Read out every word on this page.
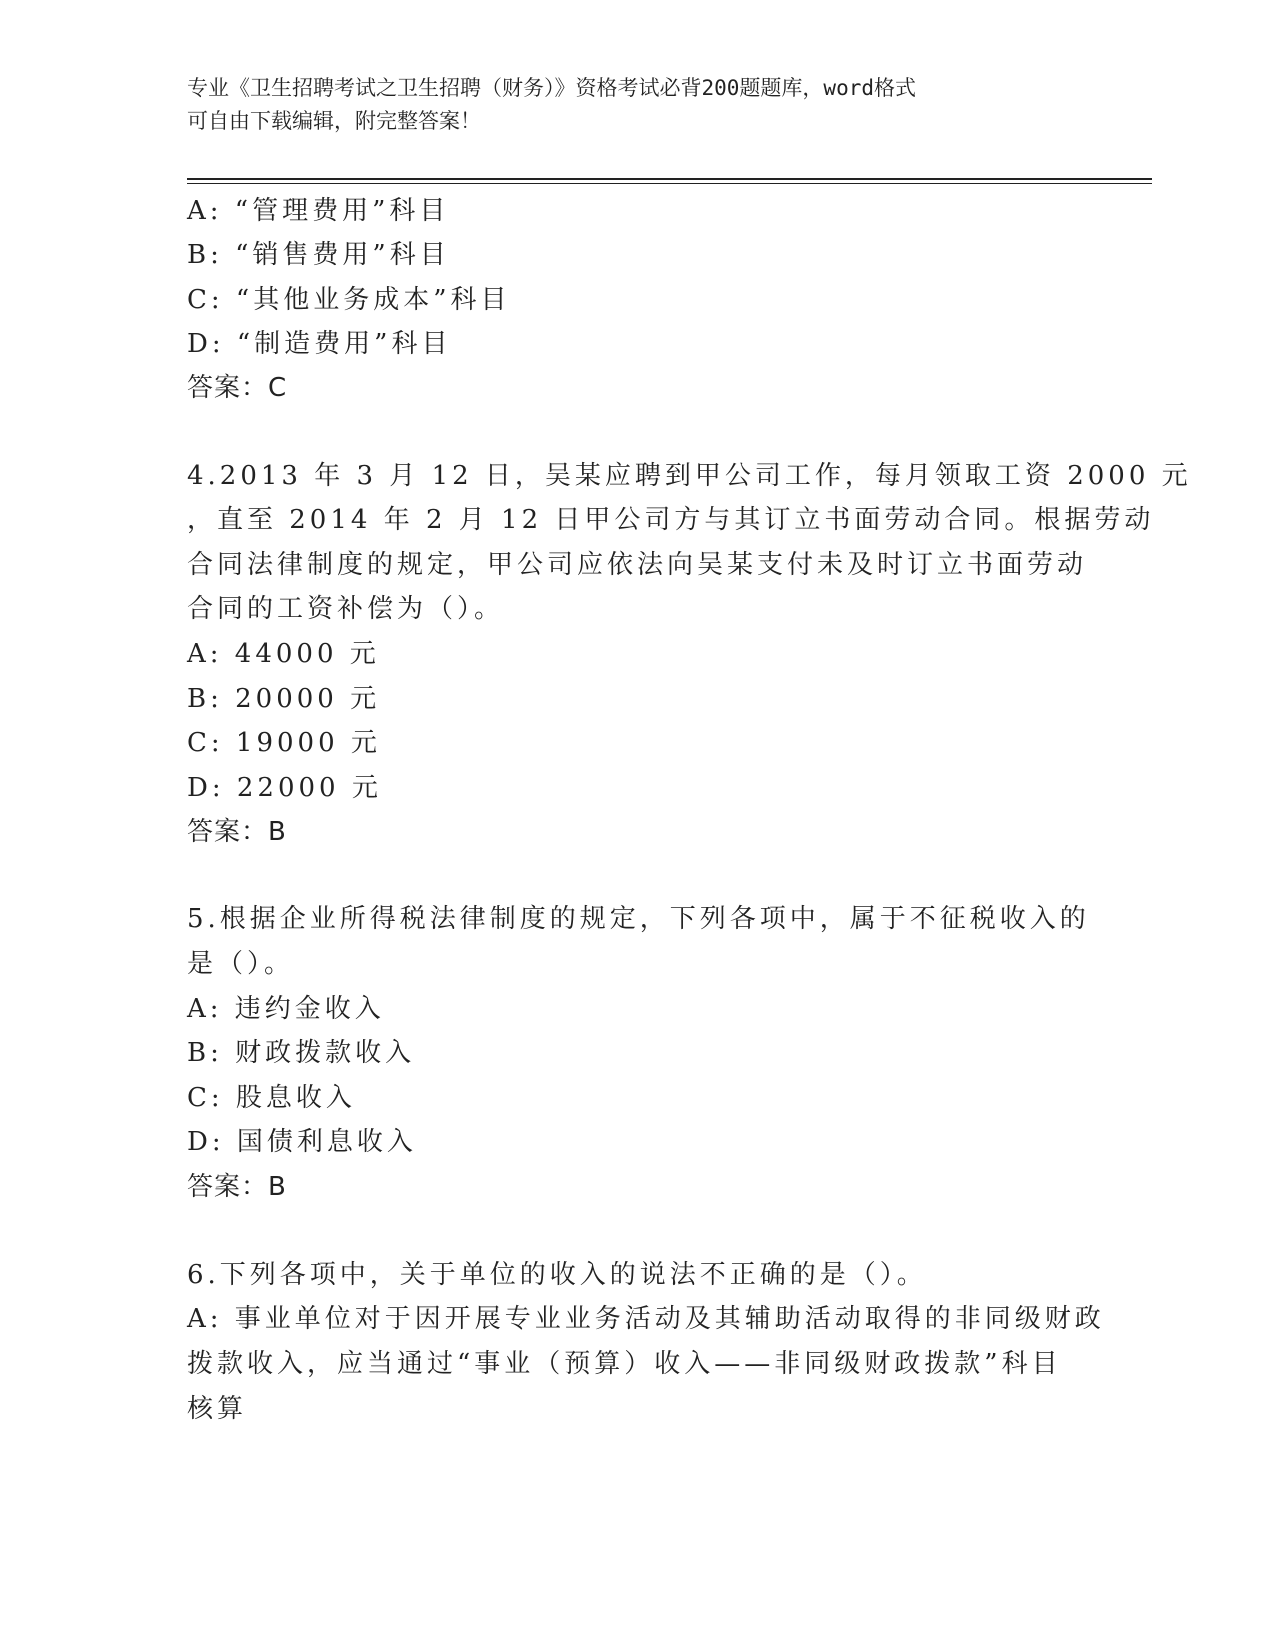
专业《卫生招聘考试之卫生招聘（财务）》资格考试必背200题题库，word格式
可自由下载编辑，附完整答案！
A: “管理费用”科目
B: “销售费用”科目
C: “其他业务成本”科目
D: “制造费用”科目
答案：C
4.2013 年 3 月 12 日，吴某应聘到甲公司工作，每月领取工资 2000 元
，直至 2014 年 2 月 12 日甲公司方与其订立书面劳动合同。根据劳动
合同法律制度的规定，甲公司应依法向吴某支付未及时订立书面劳动
合同的工资补偿为（）。
A: 44000 元
B: 20000 元
C: 19000 元
D: 22000 元
答案：B
5.根据企业所得税法律制度的规定，下列各项中，属于不征税收入的
是（）。
A: 违约金收入
B: 财政拨款收入
C: 股息收入
D: 国债利息收入
答案：B
6.下列各项中，关于单位的收入的说法不正确的是（）。
A: 事业单位对于因开展专业业务活动及其辅助活动取得的非同级财政
拨款收入，应当通过“事业（预算）收入——非同级财政拨款”科目
核算
